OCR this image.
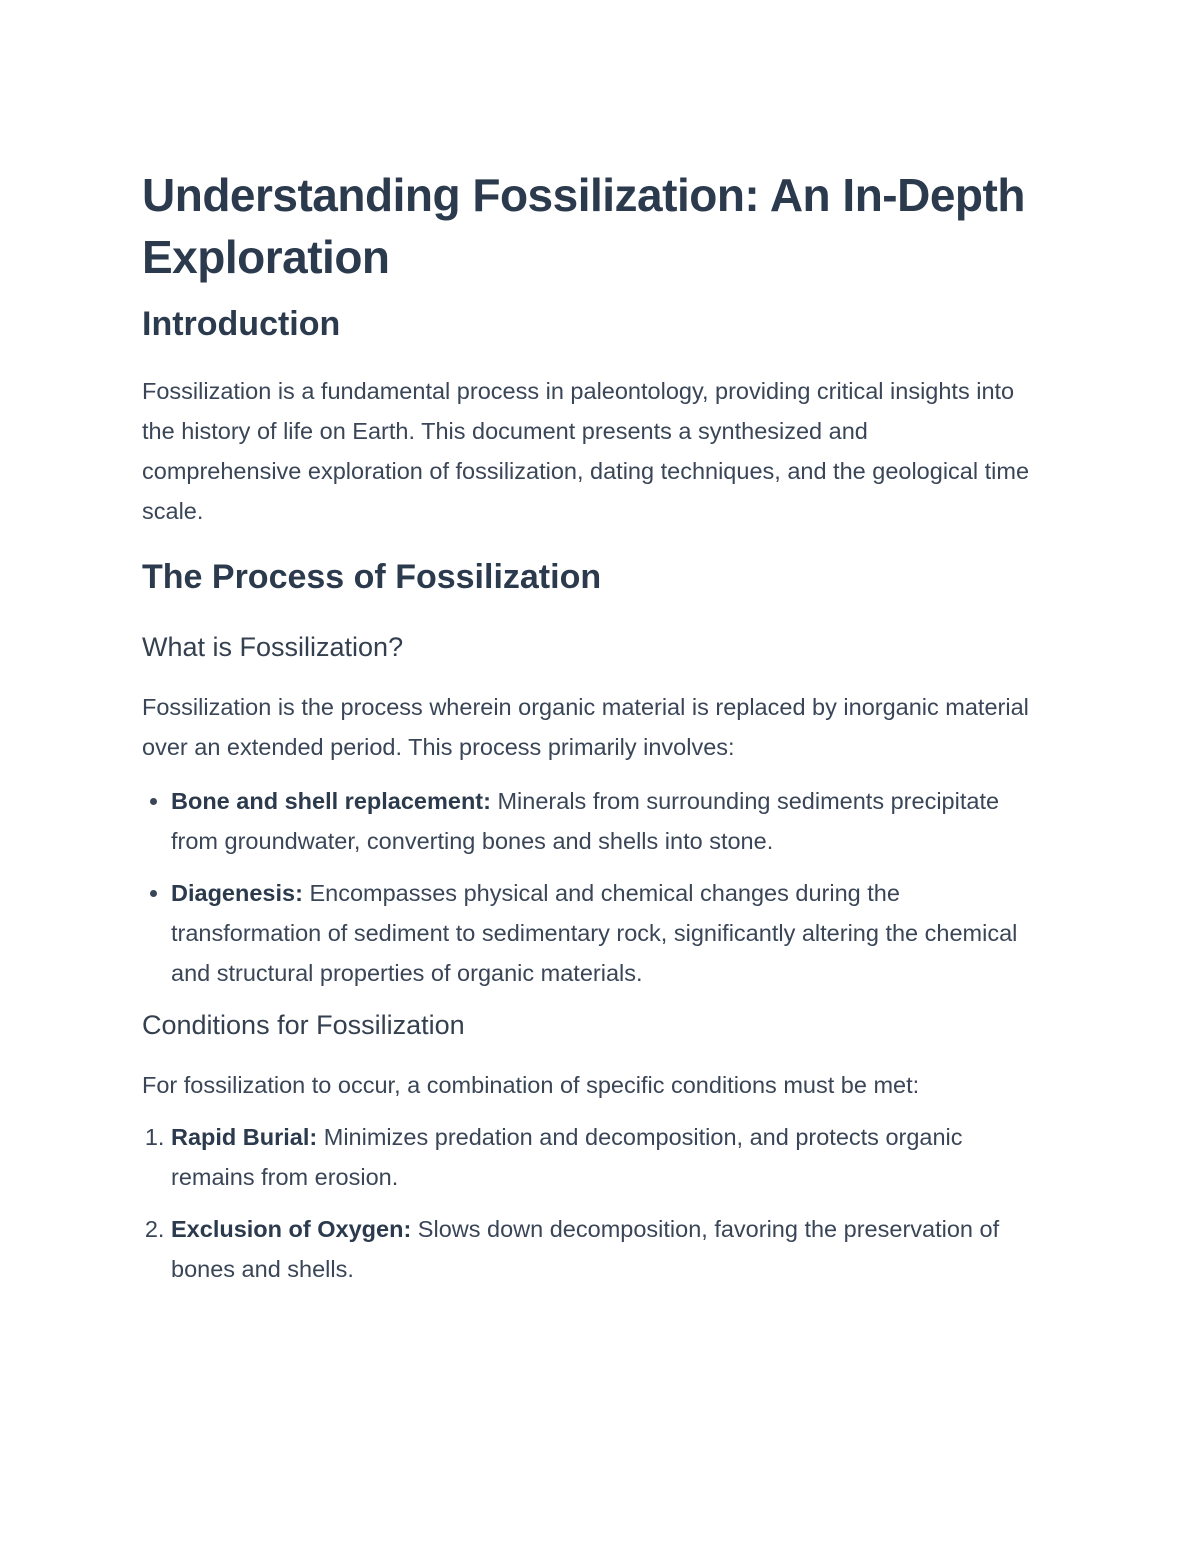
Understanding Fossilization: An In-Depth Exploration
Introduction

Fossilization is a fundamental process in paleontology, providing critical insights into the history of life on Earth. This document presents a synthesized and comprehensive exploration of fossilization, dating techniques, and the geological time scale.

The Process of Fossilization
What is Fossilization?

Fossilization is the process wherein organic material is replaced by inorganic material over an extended period. This process primarily involves:

• Bone and shell replacement: Minerals from surrounding sediments precipitate from groundwater, converting bones and shells into stone.
• Diagenesis: Encompasses physical and chemical changes during the transformation of sediment to sedimentary rock, significantly altering the chemical and structural properties of organic materials.
Conditions for Fossilization

For fossilization to occur, a combination of specific conditions must be met:

1. Rapid Burial: Minimizes predation and decomposition, and protects organic remains from erosion.
2. Exclusion of Oxygen: Slows down decomposition, favoring the preservation of bones and shells.
